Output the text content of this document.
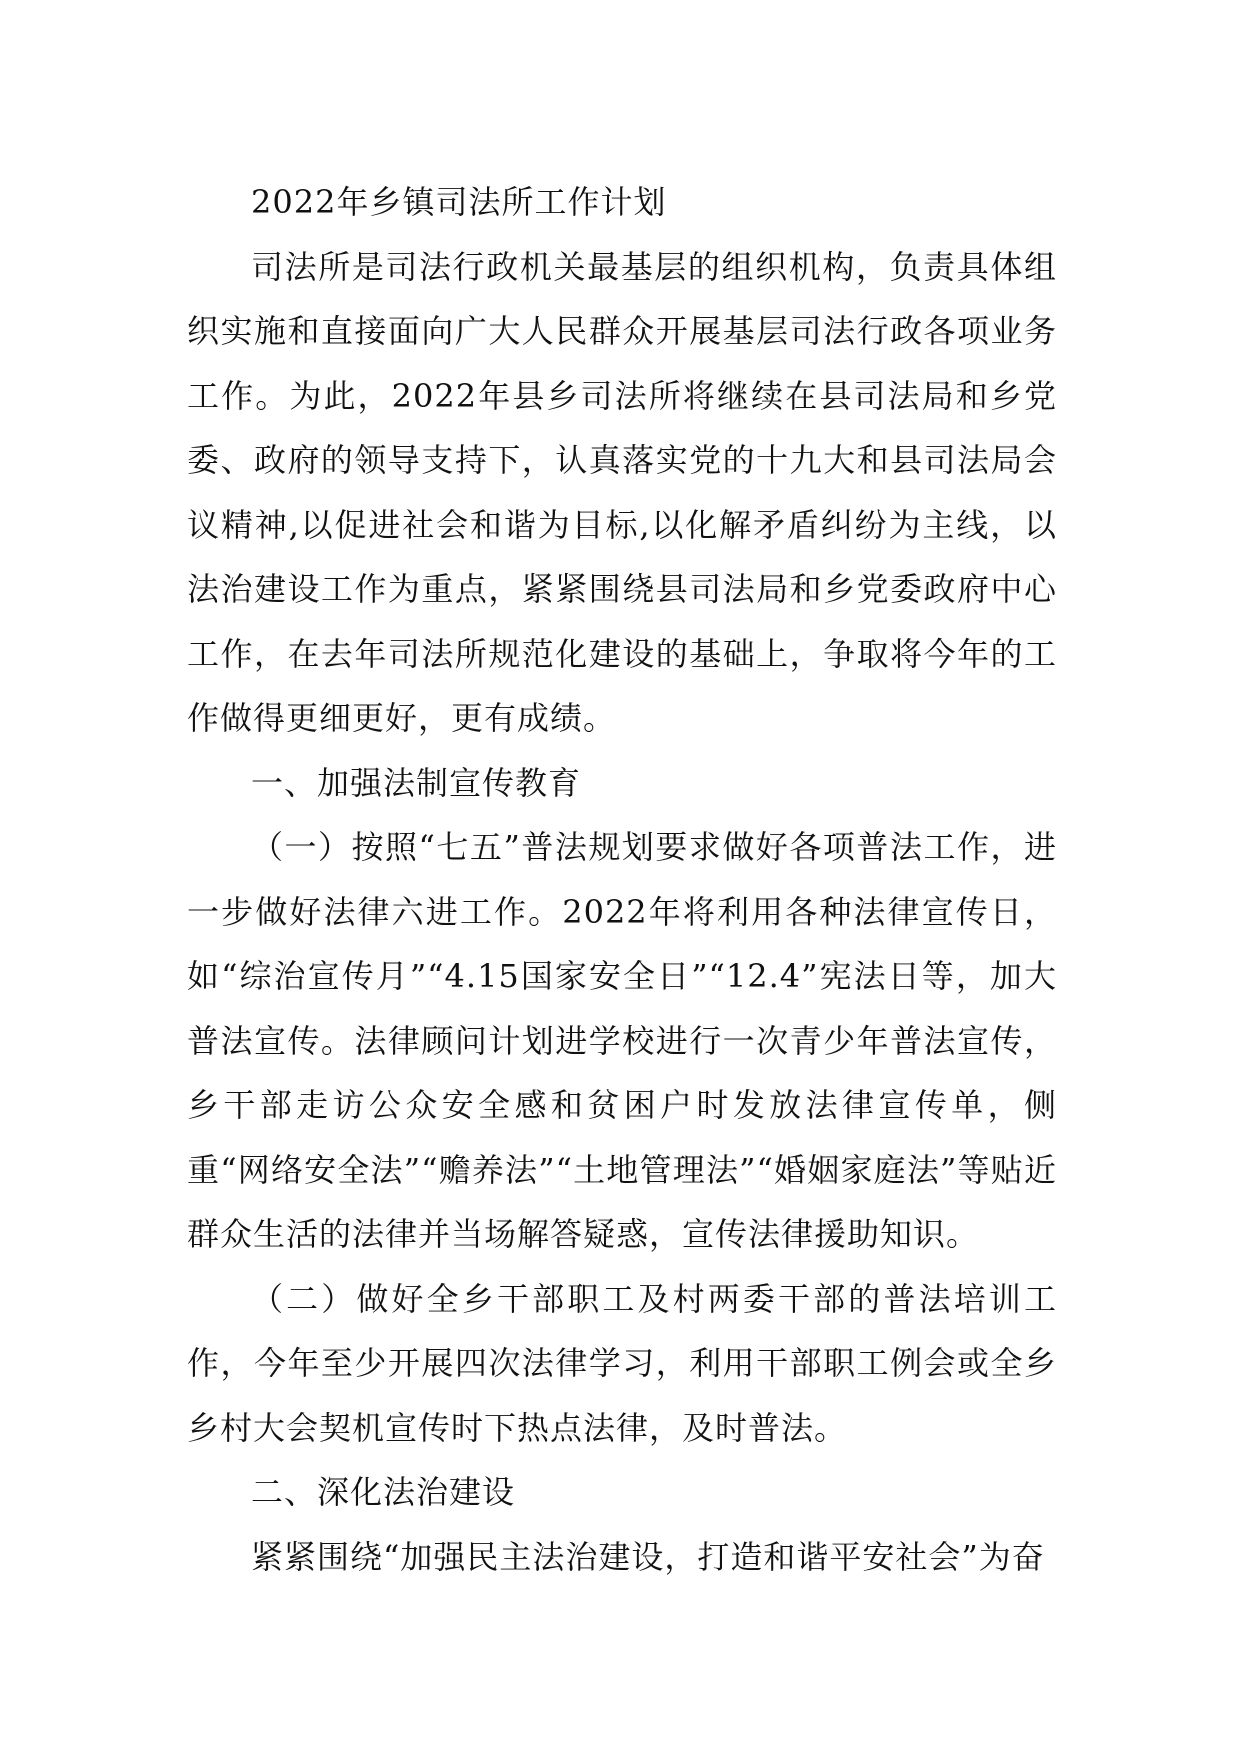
2022年乡镇司法所工作计划

司法所是司法行政机关最基层的组织机构，负责具体组织实施和直接面向广大人民群众开展基层司法行政各项业务工作。为此，2022年县乡司法所将继续在县司法局和乡党委、政府的领导支持下，认真落实党的十九大和县司法局会议精神,以促进社会和谐为目标,以化解矛盾纠纷为主线，以法治建设工作为重点，紧紧围绕县司法局和乡党委政府中心工作，在去年司法所规范化建设的基础上，争取将今年的工作做得更细更好，更有成绩。

一、加强法制宣传教育

（一）按照“七五”普法规划要求做好各项普法工作，进一步做好法律六进工作。2022年将利用各种法律宣传日，如“综治宣传月”“4.15国家安全日”“12.4”宪法日等，加大普法宣传。法律顾问计划进学校进行一次青少年普法宣传，乡干部走访公众安全感和贫困户时发放法律宣传单，侧重“网络安全法”“赡养法”“土地管理法”“婚姻家庭法”等贴近群众生活的法律并当场解答疑惑，宣传法律援助知识。

（二）做好全乡干部职工及村两委干部的普法培训工作，今年至少开展四次法律学习，利用干部职工例会或全乡乡村大会契机宣传时下热点法律，及时普法。

二、深化法治建设

紧紧围绕“加强民主法治建设，打造和谐平安社会”为奋
